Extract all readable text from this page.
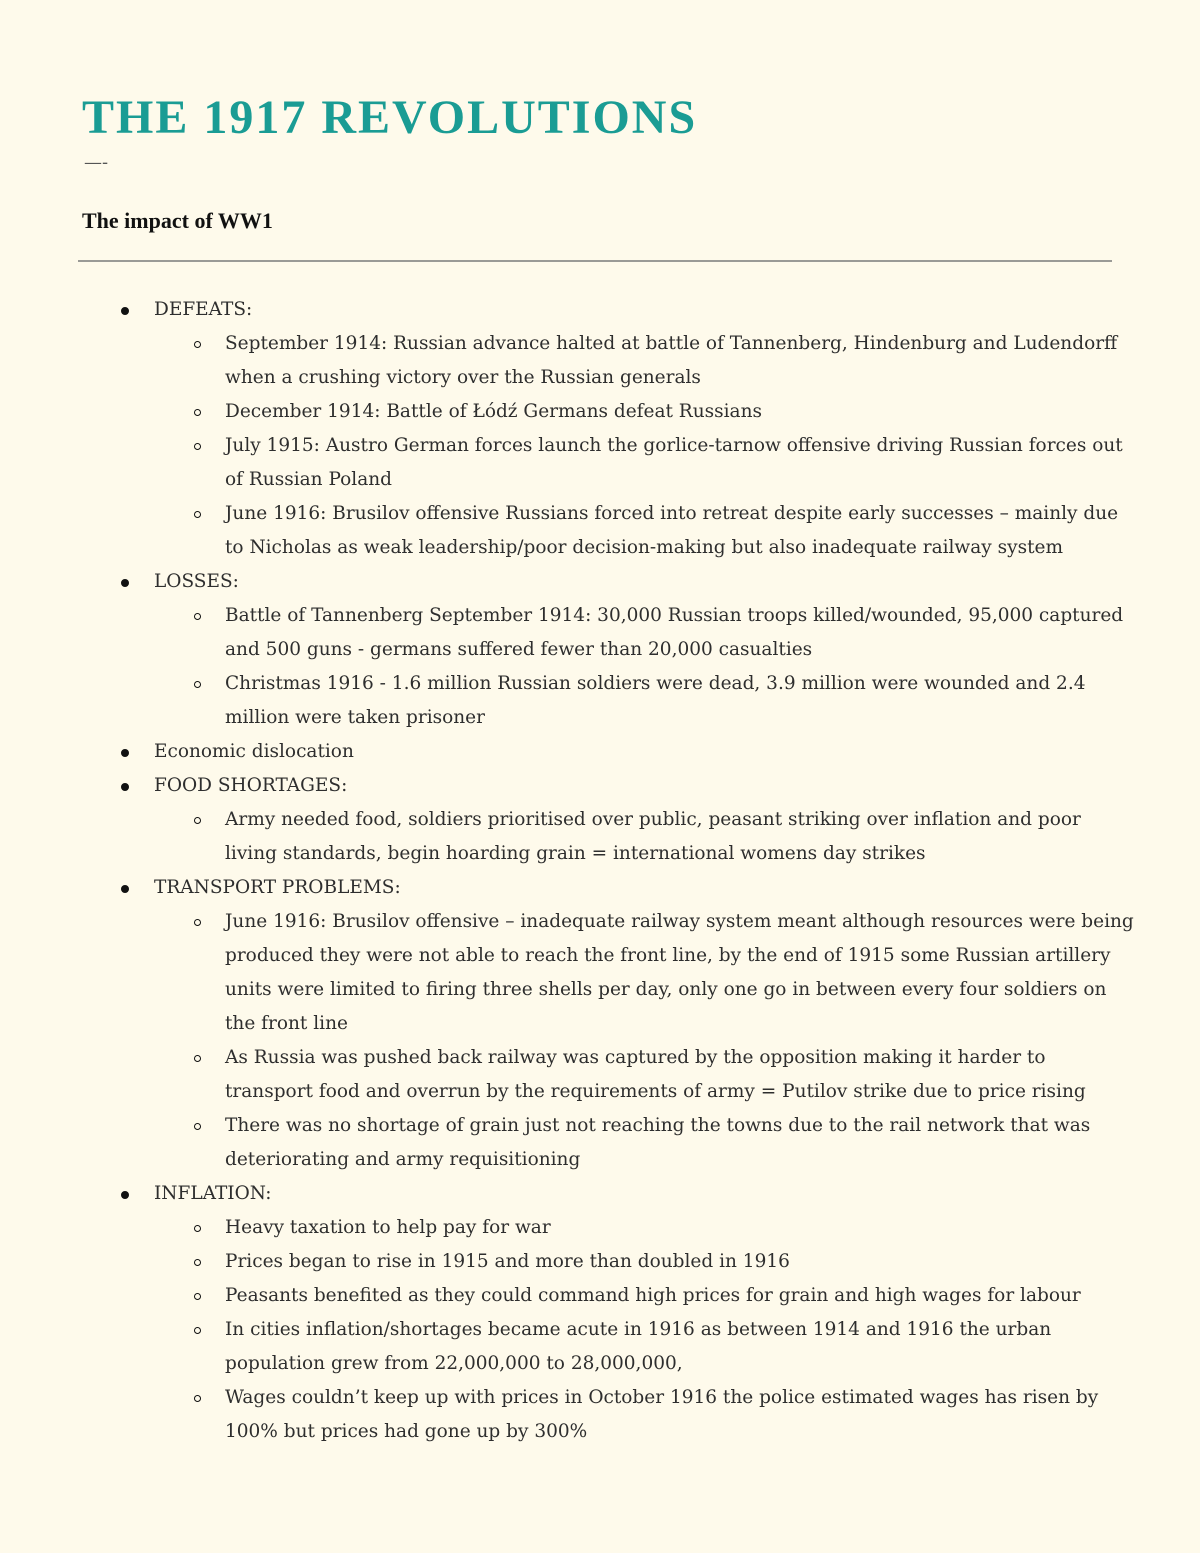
THE 1917 REVOLUTIONS
—-
The impact of WW1
DEFEATS:
September 1914: Russian advance halted at battle of Tannenberg, Hindenburg and Ludendorff when a crushing victory over the Russian generals
December 1914: Battle of Łódź Germans defeat Russians
July 1915: Austro German forces launch the gorlice-tarnow offensive driving Russian forces out of Russian Poland
June 1916: Brusilov offensive Russians forced into retreat despite early successes – mainly due to Nicholas as weak leadership/poor decision-making but also inadequate railway system
LOSSES:
Battle of Tannenberg September 1914: 30,000 Russian troops killed/wounded, 95,000 captured and 500 guns - germans suffered fewer than 20,000 casualties
Christmas 1916 - 1.6 million Russian soldiers were dead, 3.9 million were wounded and 2.4 million were taken prisoner
Economic dislocation
FOOD SHORTAGES:
Army needed food, soldiers prioritised over public, peasant striking over inflation and poor living standards, begin hoarding grain = international womens day strikes
TRANSPORT PROBLEMS:
June 1916: Brusilov offensive – inadequate railway system meant although resources were being produced they were not able to reach the front line, by the end of 1915 some Russian artillery units were limited to firing three shells per day, only one go in between every four soldiers on the front line
As Russia was pushed back railway was captured by the opposition making it harder to transport food and overrun by the requirements of army = Putilov strike due to price rising
There was no shortage of grain just not reaching the towns due to the rail network that was deteriorating and army requisitioning
INFLATION:
Heavy taxation to help pay for war
Prices began to rise in 1915 and more than doubled in 1916
Peasants benefited as they could command high prices for grain and high wages for labour
In cities inflation/shortages became acute in 1916 as between 1914 and 1916 the urban population grew from 22,000,000 to 28,000,000,
Wages couldn’t keep up with prices in October 1916 the police estimated wages has risen by 100% but prices had gone up by 300%
